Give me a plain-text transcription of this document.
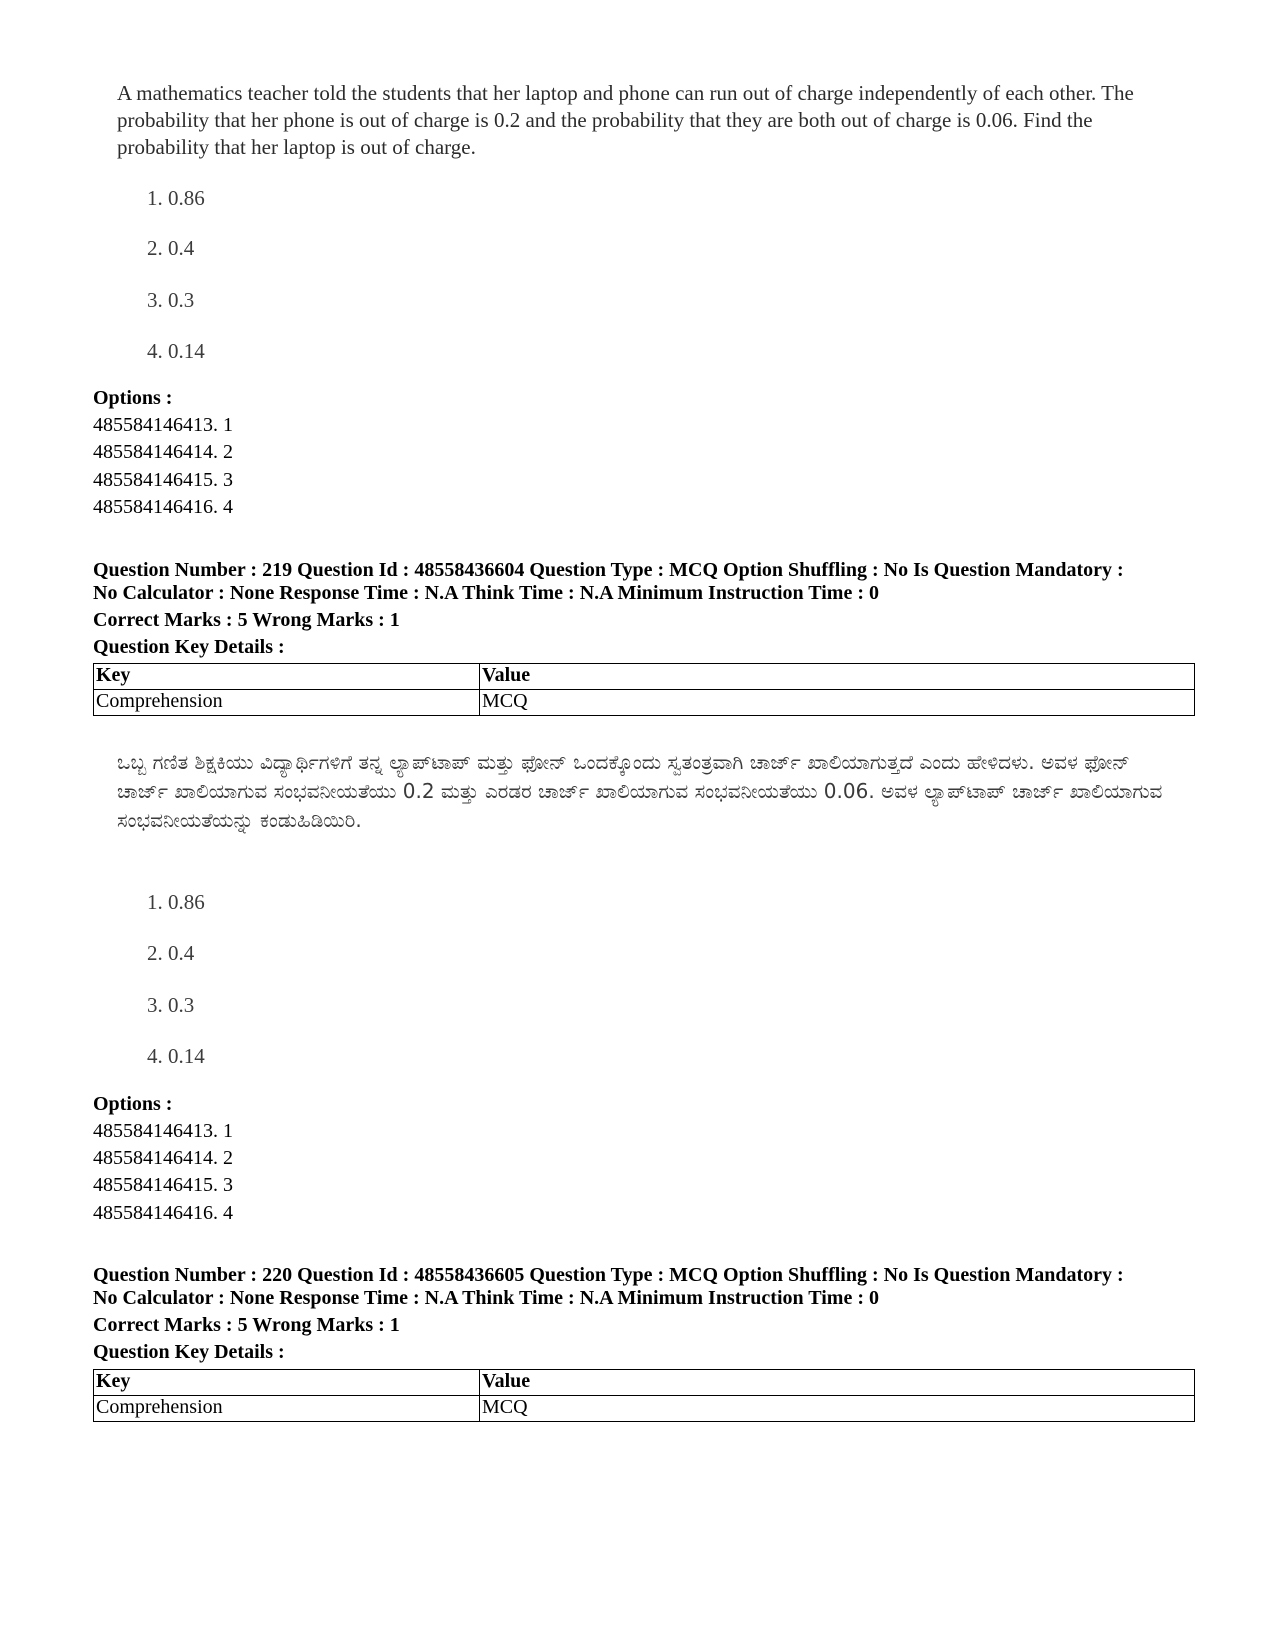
A mathematics teacher told the students that her laptop and phone can run out of charge independently of each other. The probability that her phone is out of charge is 0.2 and the probability that they are both out of charge is 0.06. Find the probability that her laptop is out of charge.
1. 0.86
2. 0.4
3. 0.3
4. 0.14
Options :
485584146413. 1
485584146414. 2
485584146415. 3
485584146416. 4
Question Number : 219 Question Id : 48558436604 Question Type : MCQ Option Shuffling : No Is Question Mandatory :
No Calculator : None Response Time : N.A Think Time : N.A Minimum Instruction Time : 0
Correct Marks : 5 Wrong Marks : 1
Question Key Details :
Key	Value
Comprehension	MCQ
ಒಬ್ಬ ಗಣಿತ ಶಿಕ್ಷಕಿಯು ವಿದ್ಯಾರ್ಥಿಗಳಿಗೆ ತನ್ನ ಲ್ಯಾಪ್‌ಟಾಪ್ ಮತ್ತು ಫೋನ್ ಒಂದಕ್ಕೊಂದು ಸ್ವತಂತ್ರವಾಗಿ ಚಾರ್ಜ್ ಖಾಲಿಯಾಗುತ್ತದೆ ಎಂದು ಹೇಳಿದಳು. ಅವಳ ಫೋನ್ ಚಾರ್ಜ್ ಖಾಲಿಯಾಗುವ ಸಂಭವನೀಯತೆಯು 0.2 ಮತ್ತು ಎರಡರ ಚಾರ್ಜ್ ಖಾಲಿಯಾಗುವ ಸಂಭವನೀಯತೆಯು 0.06. ಅವಳ ಲ್ಯಾಪ್‌ಟಾಪ್ ಚಾರ್ಜ್ ಖಾಲಿಯಾಗುವ ಸಂಭವನೀಯತೆಯನ್ನು ಕಂಡುಹಿಡಿಯಿರಿ.
1. 0.86
2. 0.4
3. 0.3
4. 0.14
Options :
485584146413. 1
485584146414. 2
485584146415. 3
485584146416. 4
Question Number : 220 Question Id : 48558436605 Question Type : MCQ Option Shuffling : No Is Question Mandatory :
No Calculator : None Response Time : N.A Think Time : N.A Minimum Instruction Time : 0
Correct Marks : 5 Wrong Marks : 1
Question Key Details :
Key	Value
Comprehension	MCQ
